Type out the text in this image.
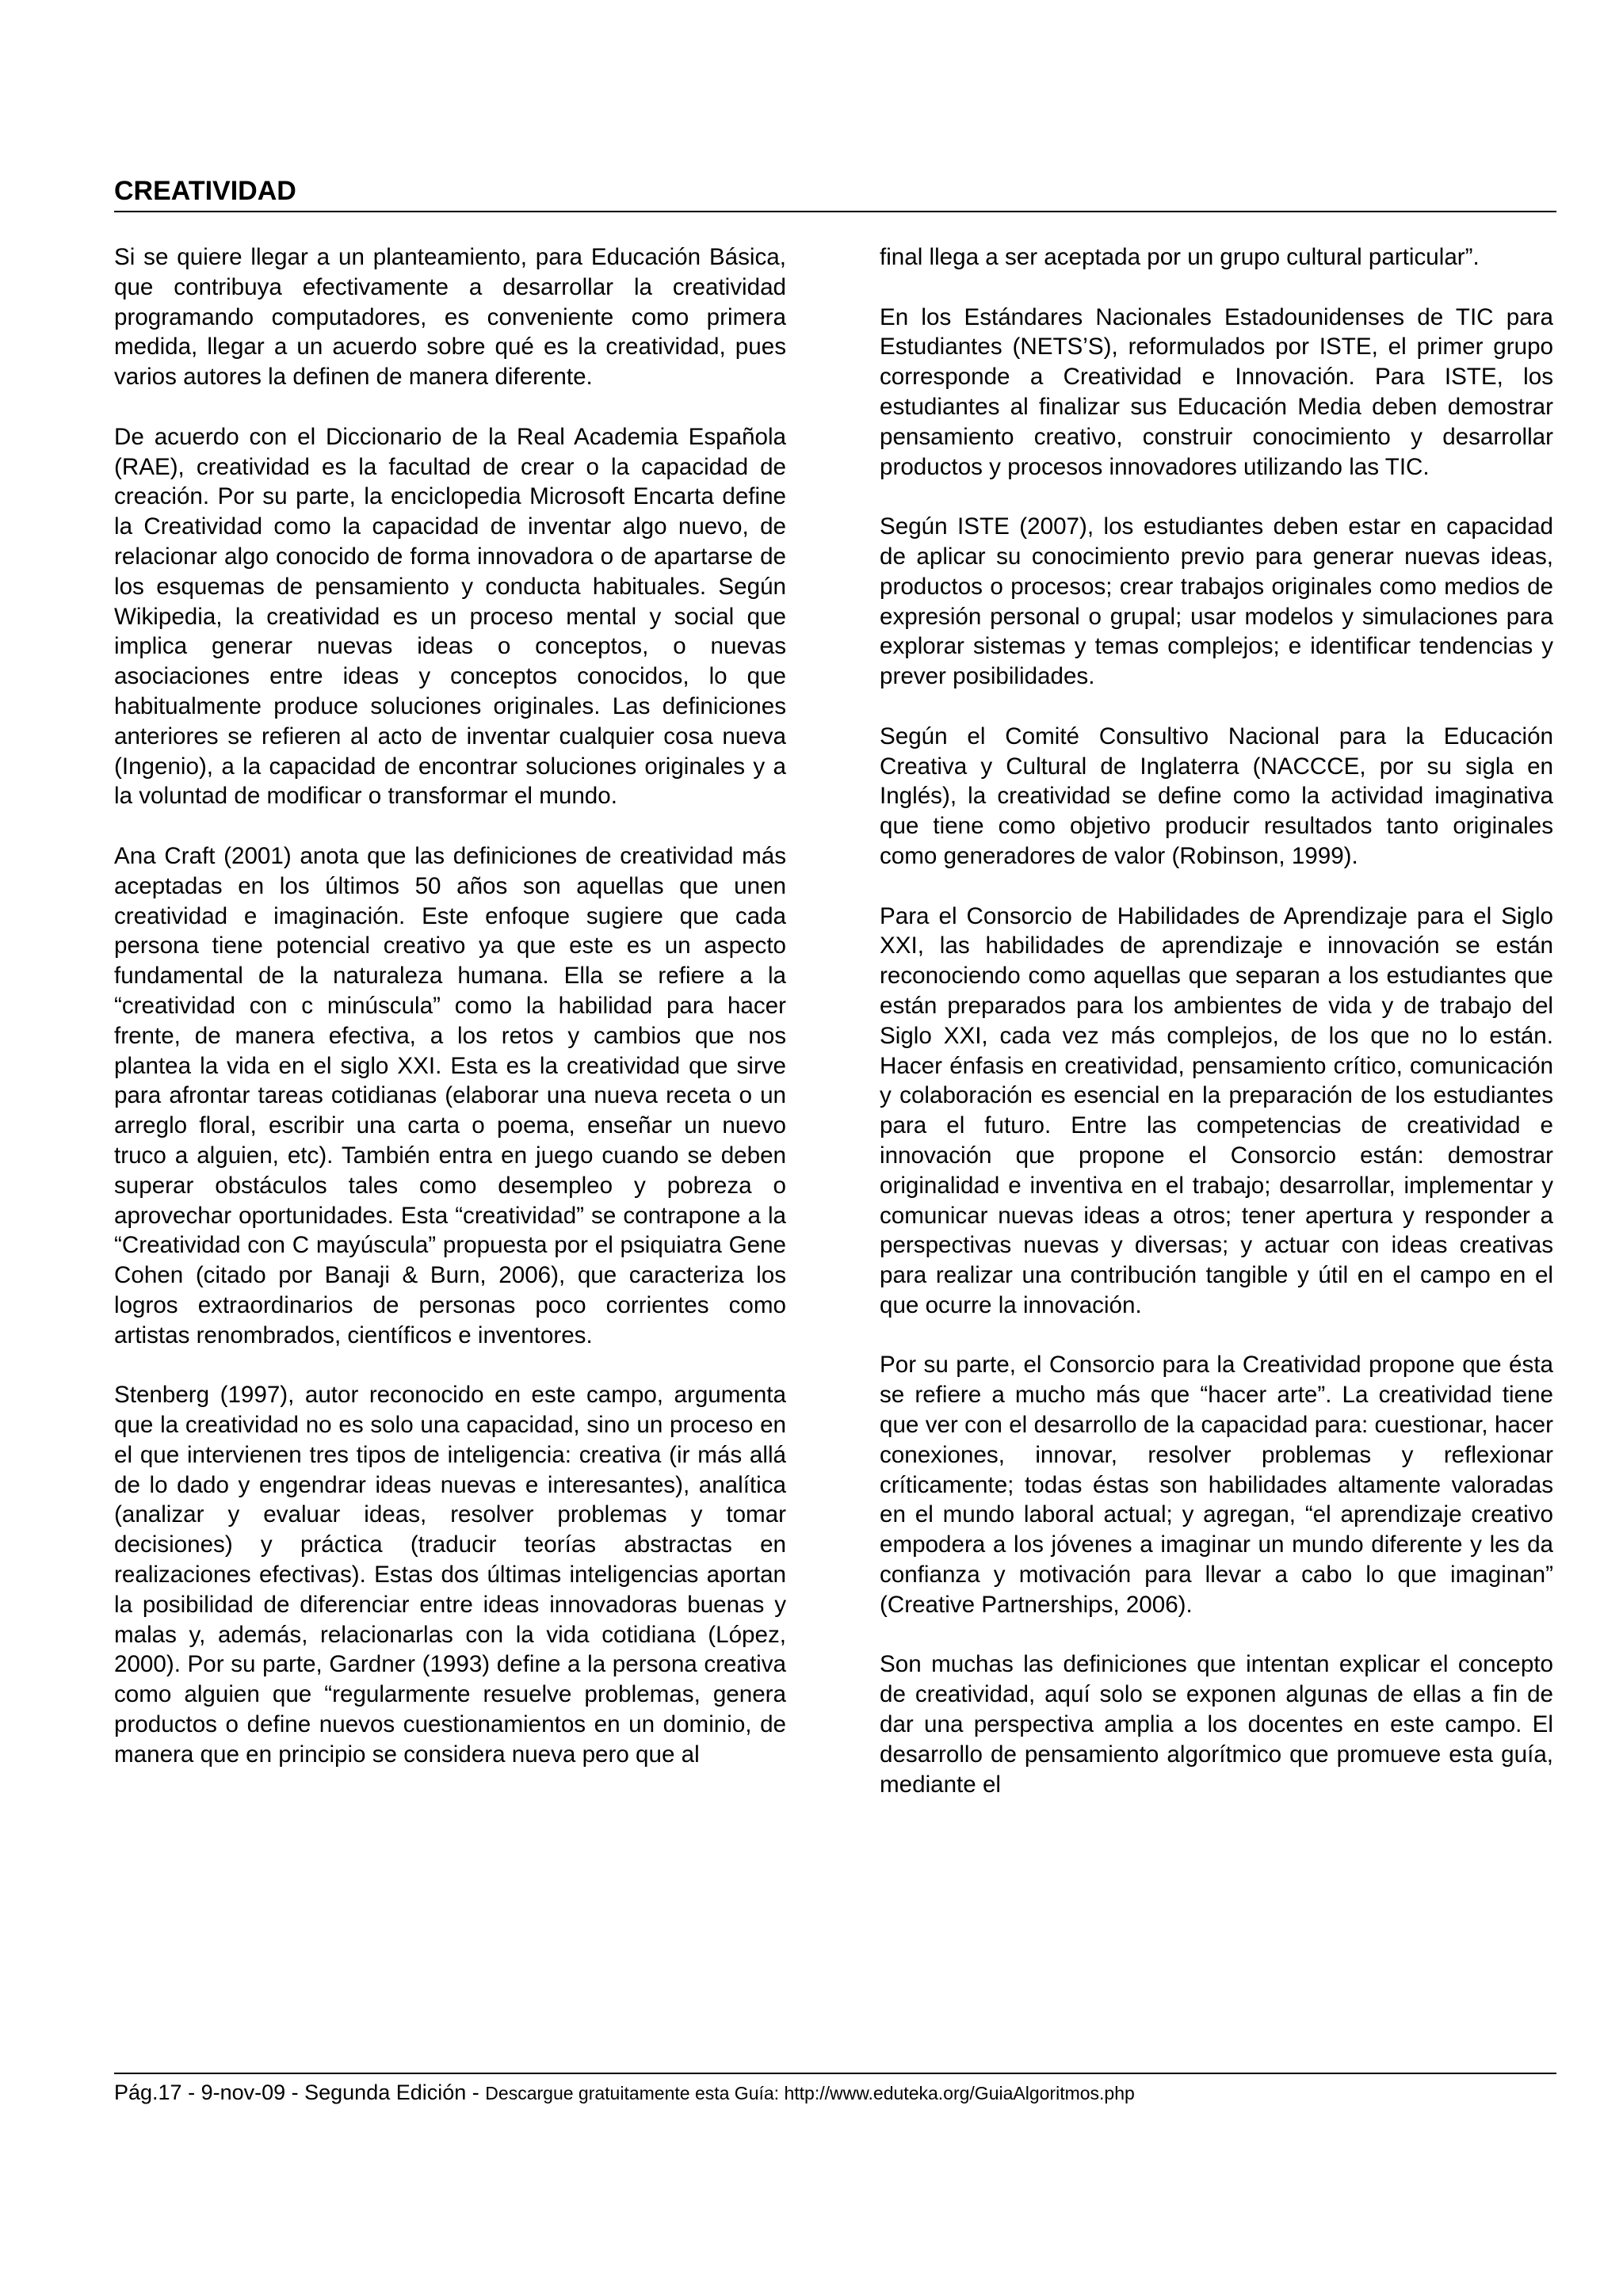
CREATIVIDAD

Si se quiere llegar a un planteamiento, para Educación Básica, que contribuya efectivamente a desarrollar la creatividad programando computadores, es conveniente como primera medida, llegar a un acuerdo sobre qué es la creatividad, pues varios autores la definen de manera diferente.

De acuerdo con el Diccionario de la Real Academia Española (RAE), creatividad es la facultad de crear o la capacidad de creación. Por su parte, la enciclopedia Microsoft Encarta define la Creatividad como la capacidad de inventar algo nuevo, de relacionar algo conocido de forma innovadora o de apartarse de los esquemas de pensamiento y conducta habituales. Según Wikipedia, la creatividad es un proceso mental y social que implica generar nuevas ideas o conceptos, o nuevas asociaciones entre ideas y conceptos conocidos, lo que habitualmente produce soluciones originales. Las definiciones anteriores se refieren al acto de inventar cualquier cosa nueva (Ingenio), a la capacidad de encontrar soluciones originales y a la voluntad de modificar o transformar el mundo.

Ana Craft (2001) anota que las definiciones de creatividad más aceptadas en los últimos 50 años son aquellas que unen creatividad e imaginación. Este enfoque sugiere que cada persona tiene potencial creativo ya que este es un aspecto fundamental de la naturaleza humana. Ella se refiere a la “creatividad con c minúscula” como la habilidad para hacer frente, de manera efectiva, a los retos y cambios que nos plantea la vida en el siglo XXI. Esta es la creatividad que sirve para afrontar tareas cotidianas (elaborar una nueva receta o un arreglo floral, escribir una carta o poema, enseñar un nuevo truco a alguien, etc). También entra en juego cuando se deben superar obstáculos tales como desempleo y pobreza o aprovechar oportunidades. Esta “creatividad” se contrapone a la “Creatividad con C mayúscula” propuesta por el psiquiatra Gene Cohen (citado por Banaji & Burn, 2006), que caracteriza los logros extraordinarios de personas poco corrientes como artistas renombrados, científicos e inventores.

Stenberg (1997), autor reconocido en este campo, argumenta que la creatividad no es solo una capacidad, sino un proceso en el que intervienen tres tipos de inteligencia: creativa (ir más allá de lo dado y engendrar ideas nuevas e interesantes), analítica (analizar y evaluar ideas, resolver problemas y tomar decisiones) y práctica (traducir teorías abstractas en realizaciones efectivas). Estas dos últimas inteligencias aportan la posibilidad de diferenciar entre ideas innovadoras buenas y malas y, además, relacionarlas con la vida cotidiana (López, 2000). Por su parte, Gardner (1993) define a la persona creativa como alguien que “regularmente resuelve problemas, genera productos o define nuevos cuestionamientos en un dominio, de manera que en principio se considera nueva pero que al

final llega a ser aceptada por un grupo cultural particular”.

En los Estándares Nacionales Estadounidenses de TIC para Estudiantes (NETS’S), reformulados por ISTE, el primer grupo corresponde a Creatividad e Innovación. Para ISTE, los estudiantes al finalizar sus Educación Media deben demostrar pensamiento creativo, construir conocimiento y desarrollar productos y procesos innovadores utilizando las TIC.

Según ISTE (2007), los estudiantes deben estar en capacidad de aplicar su conocimiento previo para generar nuevas ideas, productos o procesos; crear trabajos originales como medios de expresión personal o grupal; usar modelos y simulaciones para explorar sistemas y temas complejos; e identificar tendencias y prever posibilidades.

Según el Comité Consultivo Nacional para la Educación Creativa y Cultural de Inglaterra (NACCCE, por su sigla en Inglés), la creatividad se define como la actividad imaginativa que tiene como objetivo producir resultados tanto originales como generadores de valor (Robinson, 1999).

Para el Consorcio de Habilidades de Aprendizaje para el Siglo XXI, las habilidades de aprendizaje e innovación se están reconociendo como aquellas que separan a los estudiantes que están preparados para los ambientes de vida y de trabajo del Siglo XXI, cada vez más complejos, de los que no lo están. Hacer énfasis en creatividad, pensamiento crítico, comunicación y colaboración es esencial en la preparación de los estudiantes para el futuro. Entre las competencias de creatividad e innovación que propone el Consorcio están: demostrar originalidad e inventiva en el trabajo; desarrollar, implementar y comunicar nuevas ideas a otros; tener apertura y responder a perspectivas nuevas y diversas; y actuar con ideas creativas para realizar una contribución tangible y útil en el campo en el que ocurre la innovación.

Por su parte, el Consorcio para la Creatividad propone que ésta se refiere a mucho más que “hacer arte”. La creatividad tiene que ver con el desarrollo de la capacidad para: cuestionar, hacer conexiones, innovar, resolver problemas y reflexionar críticamente; todas éstas son habilidades altamente valoradas en el mundo laboral actual; y agregan, “el aprendizaje creativo empodera a los jóvenes a imaginar un mundo diferente y les da confianza y motivación para llevar a cabo lo que imaginan” (Creative Partnerships, 2006).

Son muchas las definiciones que intentan explicar el concepto de creatividad, aquí solo se exponen algunas de ellas a fin de dar una perspectiva amplia a los docentes en este campo. El desarrollo de pensamiento algorítmico que promueve esta guía, mediante el

Pág.17 - 9-nov-09 - Segunda Edición - Descargue gratuitamente esta Guía: http://www.eduteka.org/GuiaAlgoritmos.php
